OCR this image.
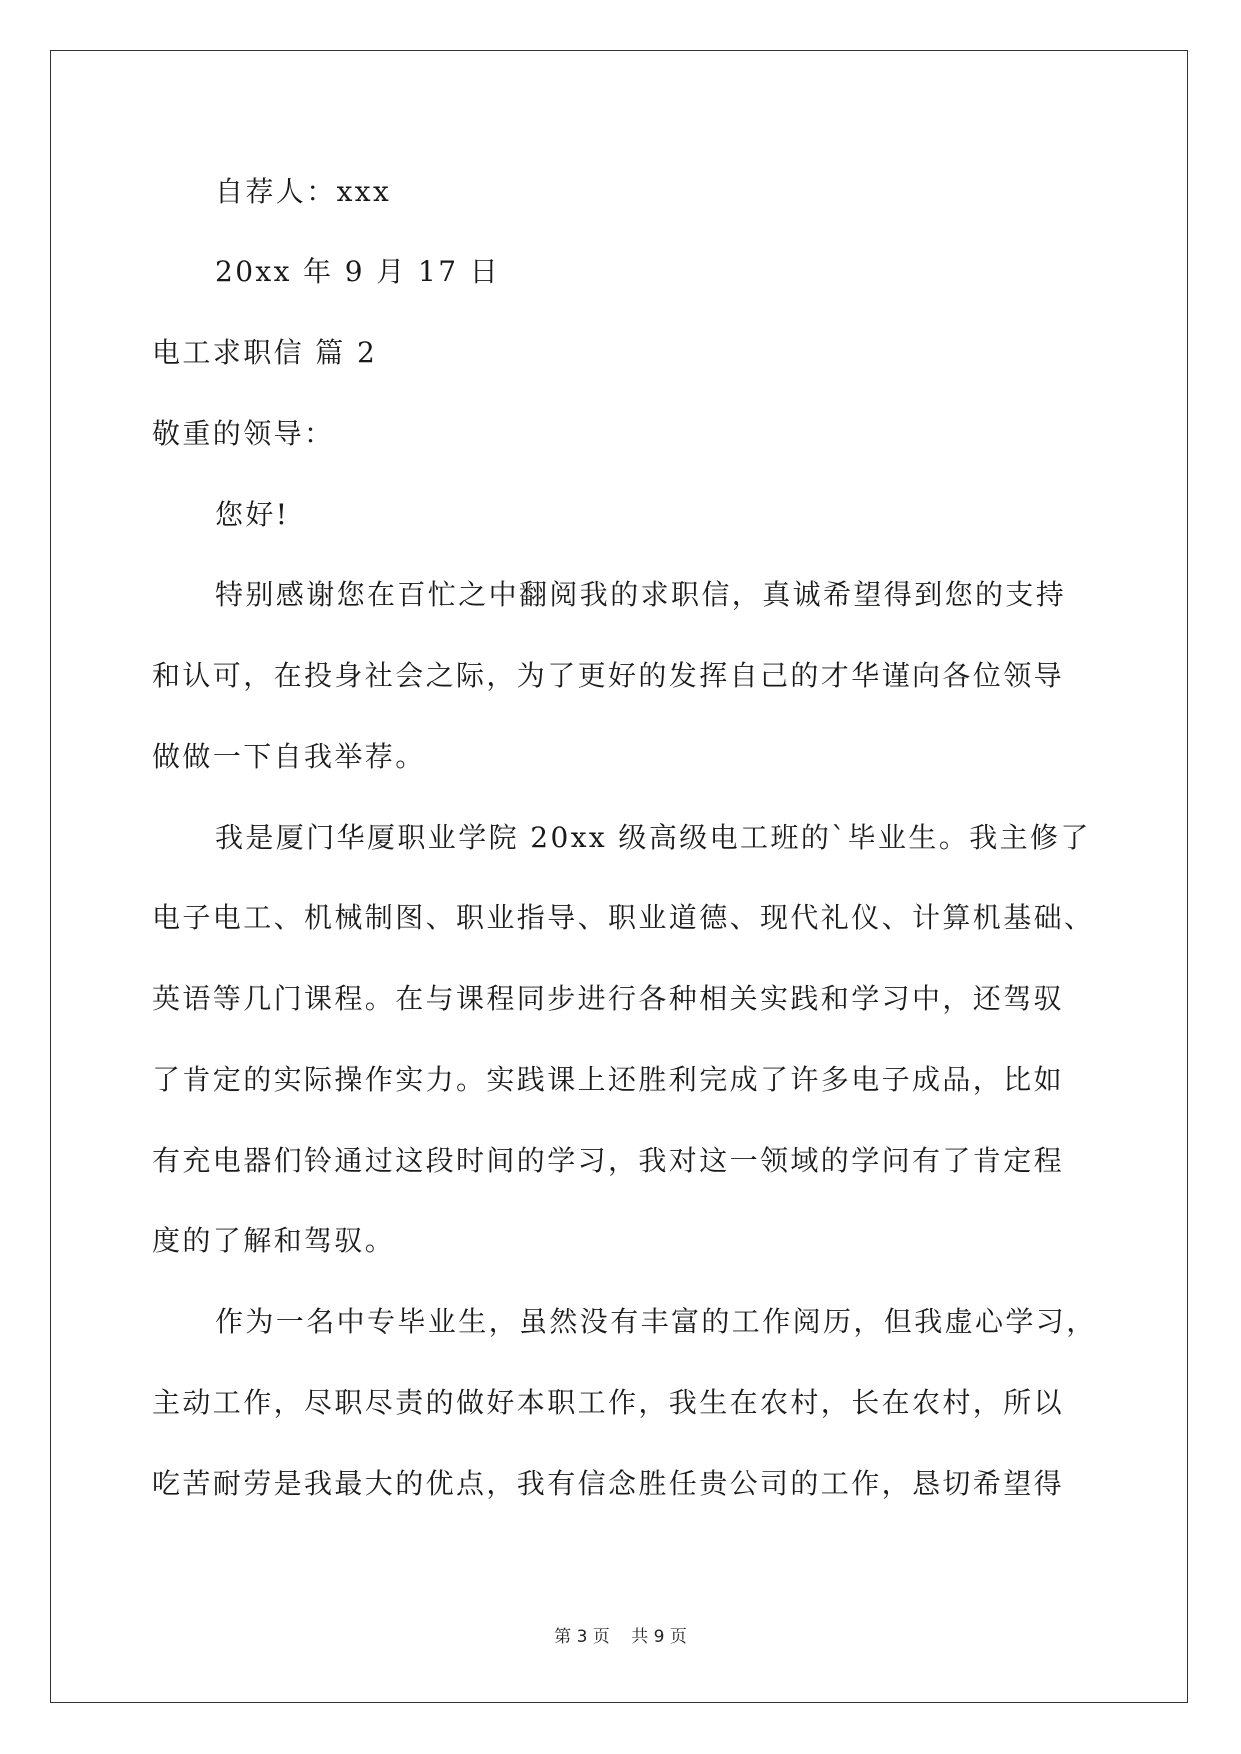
自荐人：xxx
20xx 年 9 月 17 日
电工求职信 篇 2
敬重的领导：
您好!
特别感谢您在百忙之中翻阅我的求职信，真诚希望得到您的支持
和认可，在投身社会之际，为了更好的发挥自己的才华谨向各位领导
做做一下自我举荐。
我是厦门华厦职业学院 20xx 级高级电工班的`毕业生。我主修了
电子电工、机械制图、职业指导、职业道德、现代礼仪、计算机基础、
英语等几门课程。在与课程同步进行各种相关实践和学习中，还驾驭
了肯定的实际操作实力。实践课上还胜利完成了许多电子成品，比如
有充电器们铃通过这段时间的学习，我对这一领域的学问有了肯定程
度的了解和驾驭。
作为一名中专毕业生，虽然没有丰富的工作阅历，但我虚心学习，
主动工作，尽职尽责的做好本职工作，我生在农村，长在农村，所以
吃苦耐劳是我最大的优点，我有信念胜任贵公司的工作，恳切希望得
第 3 页 共 9 页
